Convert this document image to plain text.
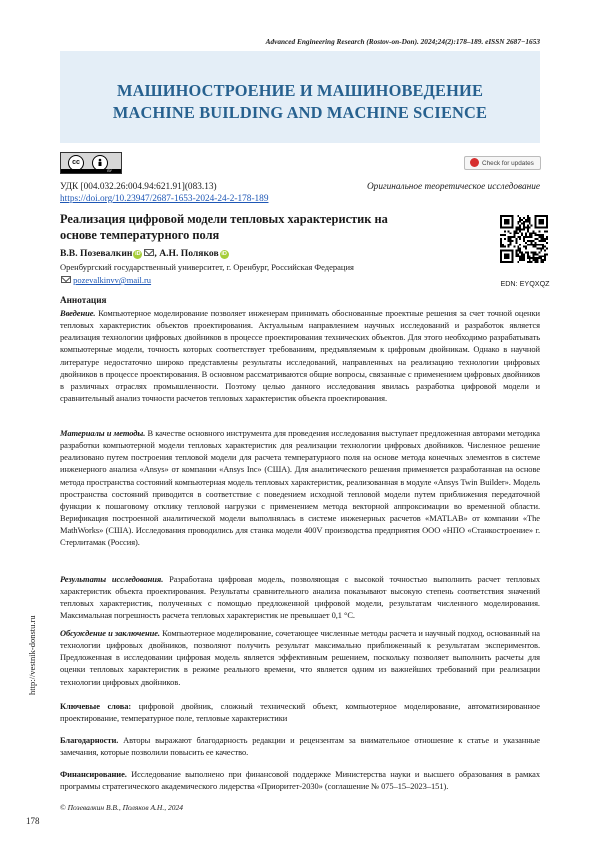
Advanced Engineering Research (Rostov-on-Don). 2024;24(2):178–189. eISSN 2687−1653
МАШИНОСТРОЕНИЕ И МАШИНОВЕДЕНИЕ
MACHINE BUILDING AND MACHINE SCIENCE
cc
BY
Check for updates
УДК [004.032.26:004.94:621.91](083.13)	Оригинальное теоретическое исследование
https://doi.org/10.23947/2687-1653-2024-24-2-178-189
Реализация цифровой модели тепловых характеристик на основе температурного поля
EDN: EYQXQZ
В.В. Позевалкин iD , А.Н. Поляков iD
Оренбургский государственный университет, г. Оренбург, Российская Федерация
pozevalkinvv@mail.ru
Аннотация
Введение. Компьютерное моделирование позволяет инженерам принимать обоснованные проектные решения за счет точной оценки тепловых характеристик объектов проектирования. Актуальным направлением научных исследований и разработок является реализация технологии цифровых двойников в процессе проектирования технических объектов. Для этого необходимо разрабатывать компьютерные модели, точность которых соответствует требованиям, предъявляемым к цифровым двойникам. Однако в научной литературе недостаточно широко представлены результаты исследований, направленных на реализацию технологии цифровых двойников в процессе проектирования. В основном рассматриваются общие вопросы, связанные с применением цифровых двойников в различных отраслях промышленности. Поэтому целью данного исследования явилась разработка цифровой модели и сравнительный анализ точности расчетов тепловых характеристик объекта проектирования.
Материалы и методы. В качестве основного инструмента для проведения исследования выступает предложенная авторами методика разработки компьютерной модели тепловых характеристик для реализации технологии цифровых двойников. Численное решение реализовано путем построения тепловой модели для расчета температурного поля на основе метода конечных элементов в системе инженерного анализа «Ansys» от компании «Ansys Inc» (США). Для аналитического решения применяется разработанная на основе метода пространства состояний компьютерная модель тепловых характеристик, реализованная в модуле «Ansys Twin Builder». Модель пространства состояний приводится в соответствие с поведением исходной тепловой модели путем приближения передаточной функции к пошаговому отклику тепловой нагрузки с применением метода векторной аппроксимации во временной области. Верификация построенной аналитической модели выполнялась в системе инженерных расчетов «MATLAB» от компании «The MathWorks» (США). Исследования проводились для станка модели 400V производства предприятия ООО «НПО «Станкостроение» г. Стерлитамак (Россия).
Результаты исследования. Разработана цифровая модель, позволяющая с высокой точностью выполнить расчет тепловых характеристик объекта проектирования. Результаты сравнительного анализа показывают высокую степень соответствия значений тепловых характеристик, полученных с помощью предложенной цифровой модели, результатам численного моделирования. Максимальная погрешность расчета тепловых характеристик не превышает 0,1 °С.
Обсуждение и заключение. Компьютерное моделирование, сочетающее численные методы расчета и научный подход, основанный на технологии цифровых двойников, позволяют получить результат максимально приближенный к результатам экспериментов. Предложенная в исследовании цифровая модель является эффективным решением, поскольку позволяет выполнить расчеты для оценки тепловых характеристик в режиме реального времени, что является одним из важнейших требований при реализации технологии цифровых двойников.
Ключевые слова: цифровой двойник, сложный технический объект, компьютерное моделирование, автоматизированное проектирование, температурное поле, тепловые характеристики
Благодарности. Авторы выражают благодарность редакции и рецензентам за внимательное отношение к статье и указанные замечания, которые позволили повысить ее качество.
Финансирование. Исследование выполнено при финансовой поддержке Министерства науки и высшего образования в рамках программы стратегического академического лидерства «Приоритет-2030» (соглашение № 075–15–2023–151).
http://vestnik-donstu.ru
© Позевалкин В.В., Поляков А.Н., 2024
178
